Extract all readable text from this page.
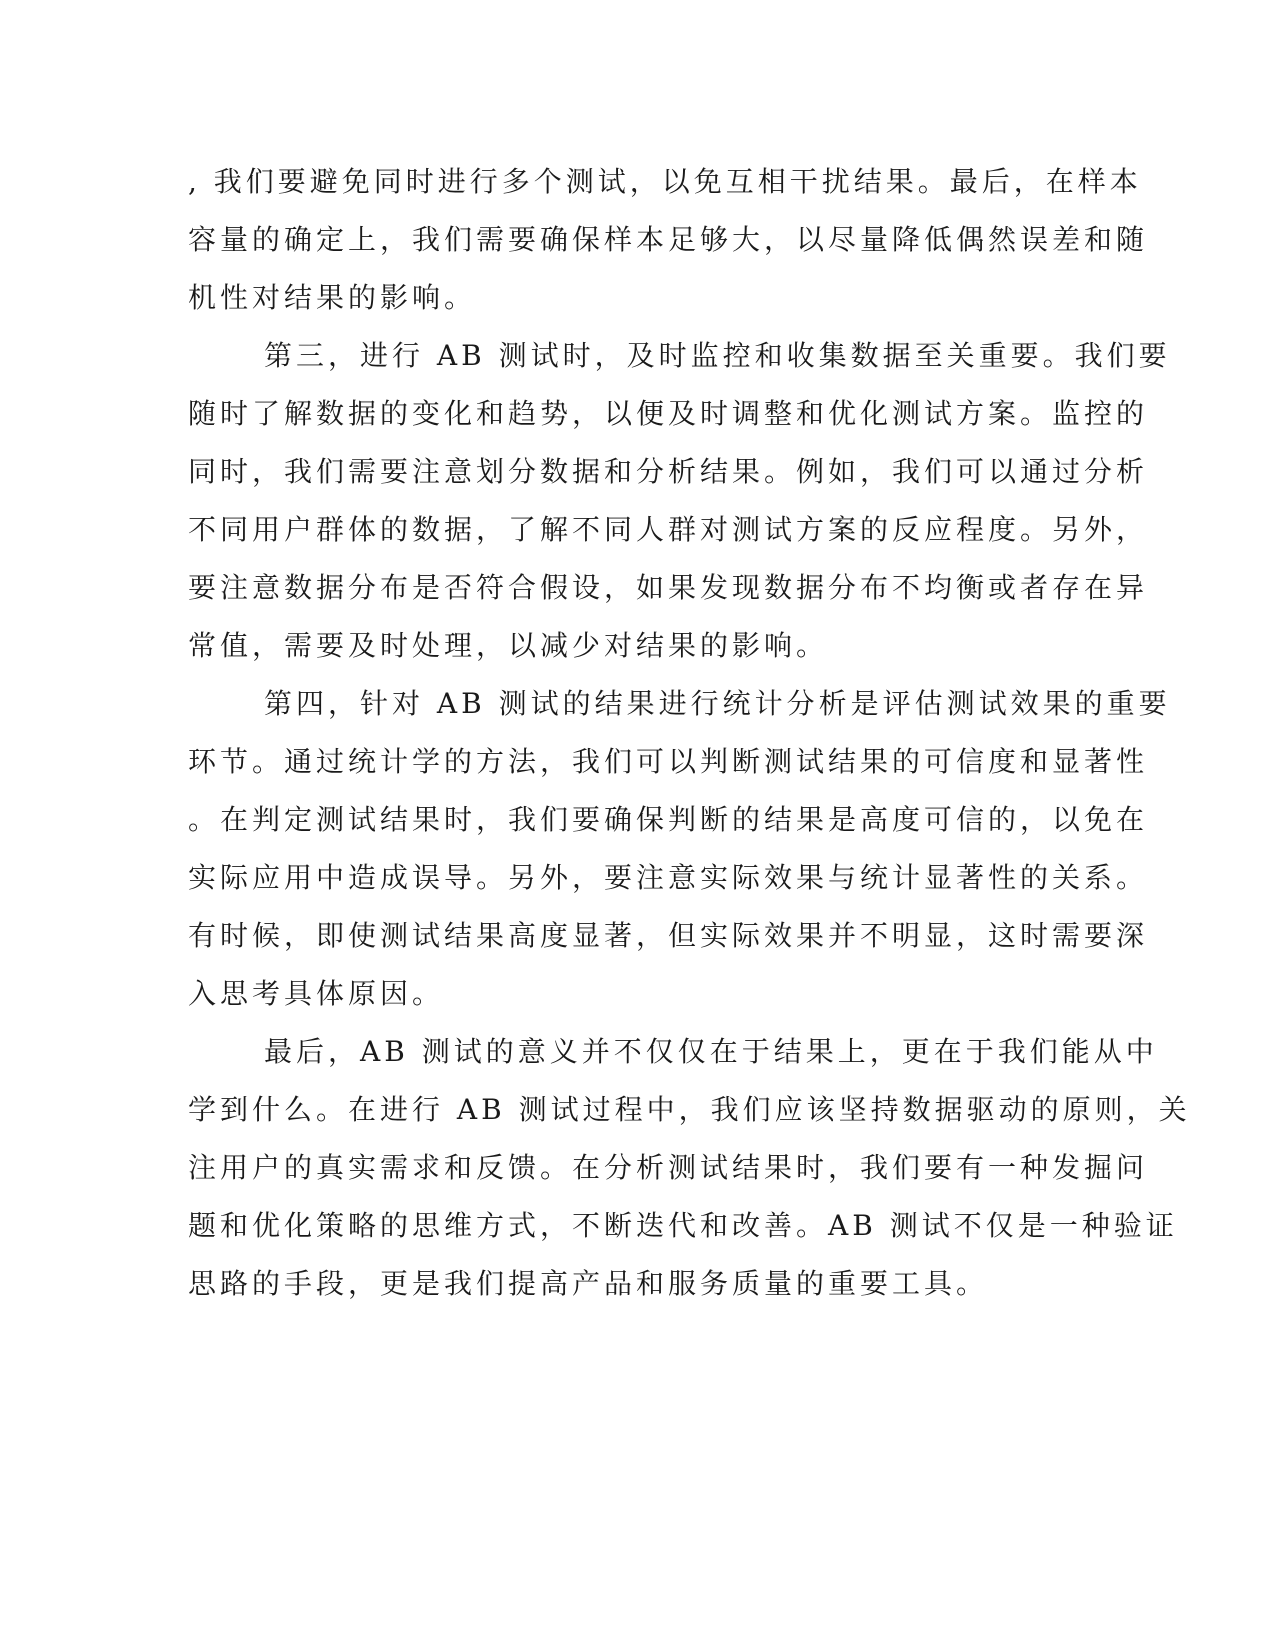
, 我们要避免同时进行多个测试，以免互相干扰结果。最后，在样本
容量的确定上，我们需要确保样本足够大，以尽量降低偶然误差和随
机性对结果的影响。
第三，进行 AB 测试时，及时监控和收集数据至关重要。我们要
随时了解数据的变化和趋势，以便及时调整和优化测试方案。监控的
同时，我们需要注意划分数据和分析结果。例如，我们可以通过分析
不同用户群体的数据，了解不同人群对测试方案的反应程度。另外，
要注意数据分布是否符合假设，如果发现数据分布不均衡或者存在异
常值，需要及时处理，以减少对结果的影响。
第四，针对 AB 测试的结果进行统计分析是评估测试效果的重要
环节。通过统计学的方法，我们可以判断测试结果的可信度和显著性
。在判定测试结果时，我们要确保判断的结果是高度可信的，以免在
实际应用中造成误导。另外，要注意实际效果与统计显著性的关系。
有时候，即使测试结果高度显著，但实际效果并不明显，这时需要深
入思考具体原因。
最后，AB 测试的意义并不仅仅在于结果上，更在于我们能从中
学到什么。在进行 AB 测试过程中，我们应该坚持数据驱动的原则，关
注用户的真实需求和反馈。在分析测试结果时，我们要有一种发掘问
题和优化策略的思维方式，不断迭代和改善。AB 测试不仅是一种验证
思路的手段，更是我们提高产品和服务质量的重要工具。
